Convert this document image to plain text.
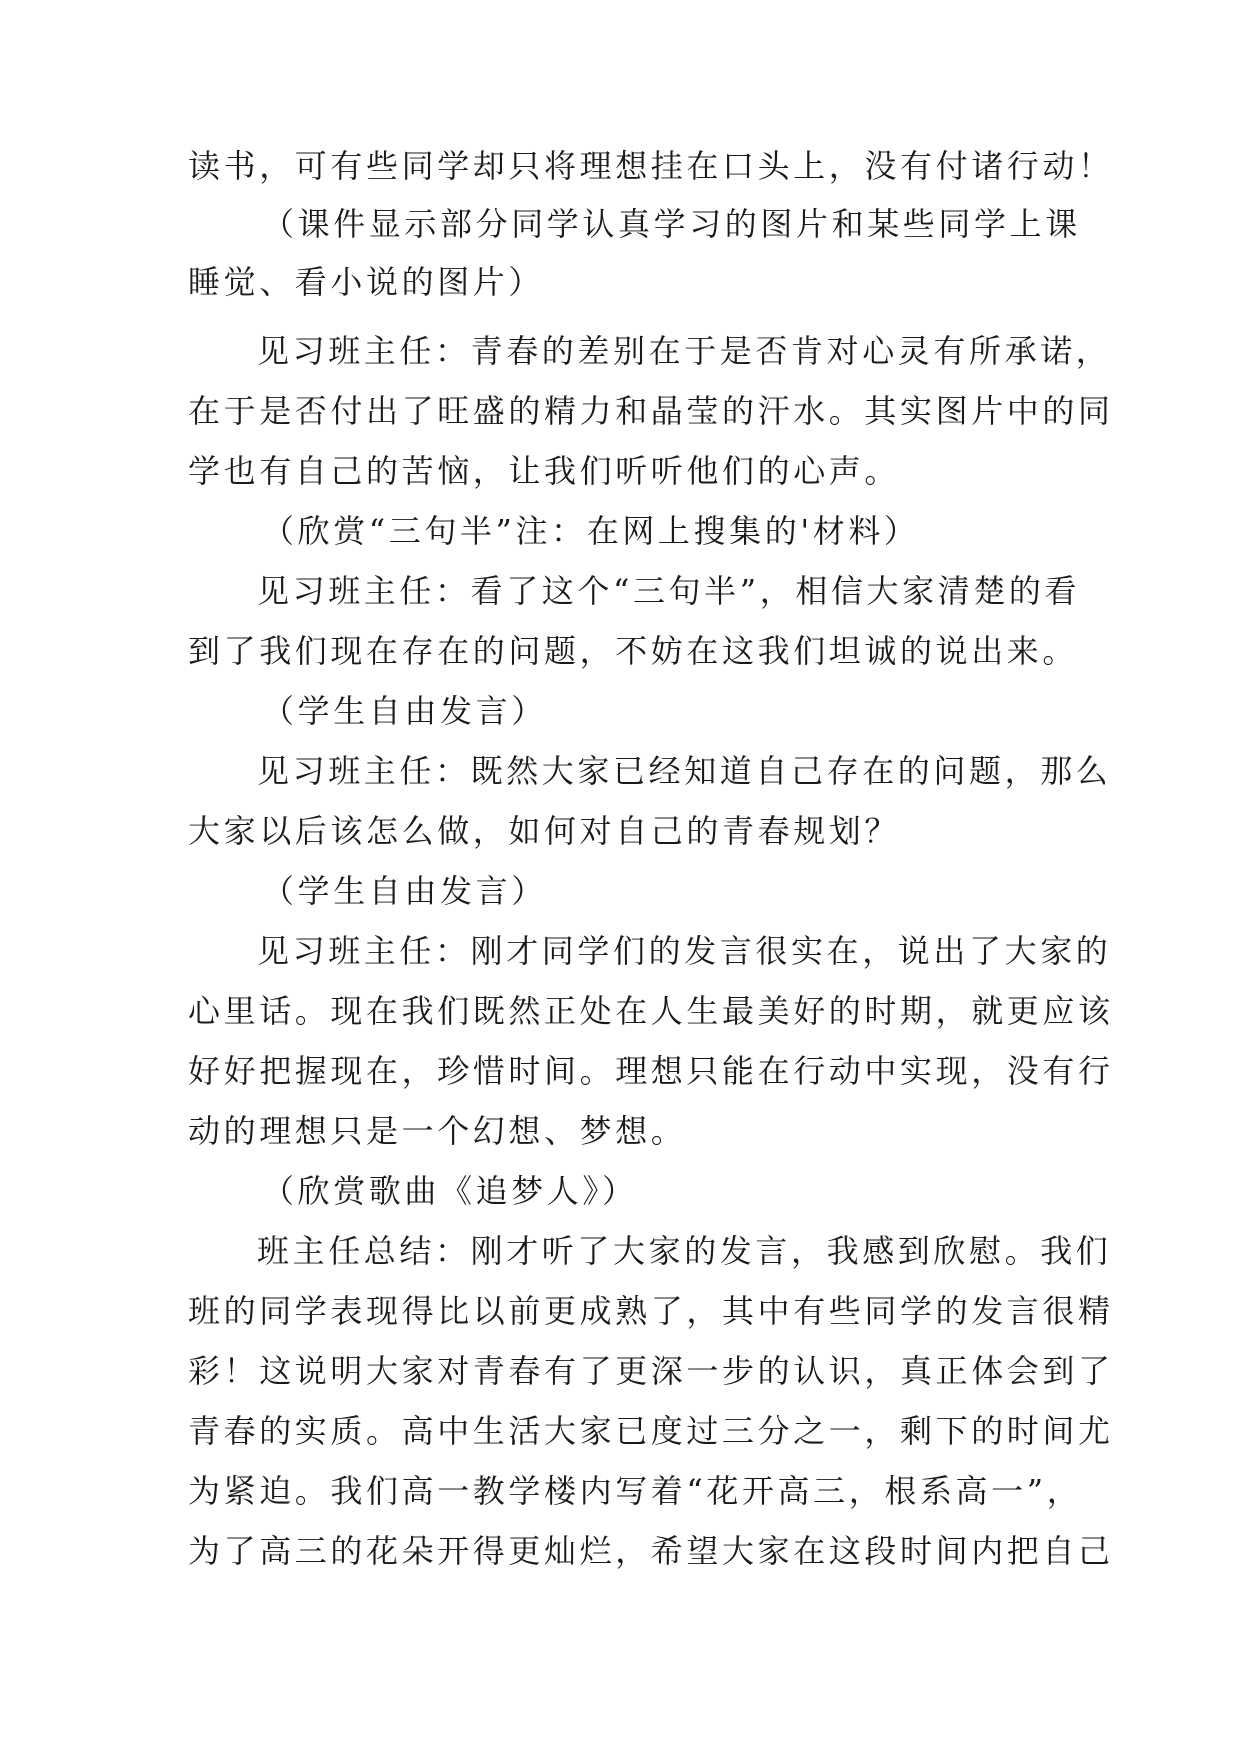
读书，可有些同学却只将理想挂在口头上，没有付诸行动！
（课件显示部分同学认真学习的图片和某些同学上课
睡觉、看小说的图片）
见习班主任：青春的差别在于是否肯对心灵有所承诺，
在于是否付出了旺盛的精力和晶莹的汗水。其实图片中的同
学也有自己的苦恼，让我们听听他们的心声。
（欣赏“三句半”注：在网上搜集的'材料）
见习班主任：看了这个“三句半”，相信大家清楚的看
到了我们现在存在的问题，不妨在这我们坦诚的说出来。
（学生自由发言）
见习班主任：既然大家已经知道自己存在的问题，那么
大家以后该怎么做，如何对自己的青春规划？
（学生自由发言）
见习班主任：刚才同学们的发言很实在，说出了大家的
心里话。现在我们既然正处在人生最美好的时期，就更应该
好好把握现在，珍惜时间。理想只能在行动中实现，没有行
动的理想只是一个幻想、梦想。
（欣赏歌曲《追梦人》）
班主任总结：刚才听了大家的发言，我感到欣慰。我们
班的同学表现得比以前更成熟了，其中有些同学的发言很精
彩！这说明大家对青春有了更深一步的认识，真正体会到了
青春的实质。高中生活大家已度过三分之一，剩下的时间尤
为紧迫。我们高一教学楼内写着“花开高三，根系高一”，
为了高三的花朵开得更灿烂，希望大家在这段时间内把自己
